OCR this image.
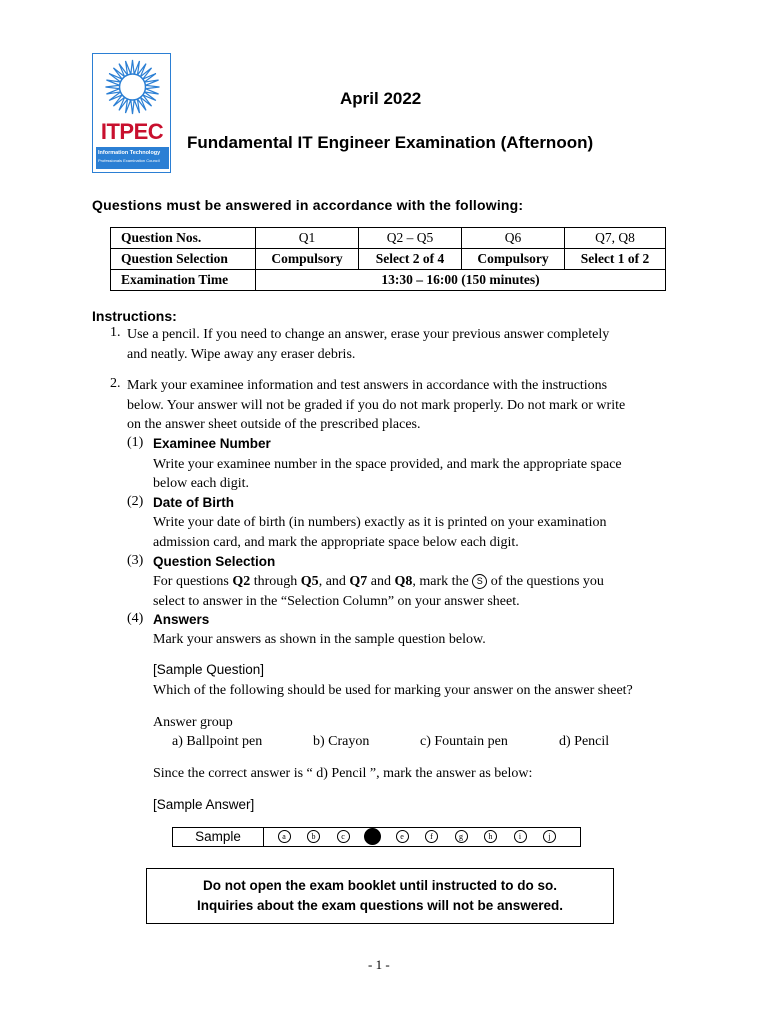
ITPEC
Information Technology
Professionals Examination Council
April 2022
Fundamental IT Engineer Examination (Afternoon)
Questions must be answered in accordance with the following:
Question Nos.	Q1	Q2 – Q5	Q6	Q7, Q8
Question Selection	Compulsory	Select 2 of 4	Compulsory	Select 1 of 2
Examination Time	13:30 – 16:00 (150 minutes)			
Instructions:
1. Use a pencil. If you need to change an answer, erase your previous answer completely
and neatly. Wipe away any eraser debris.
2. Mark your examinee information and test answers in accordance with the instructions
below. Your answer will not be graded if you do not mark properly. Do not mark or write
on the answer sheet outside of the prescribed places.
(1) Examinee Number
Write your examinee number in the space provided, and mark the appropriate space
below each digit.
(2) Date of Birth
Write your date of birth (in numbers) exactly as it is printed on your examination
admission card, and mark the appropriate space below each digit.
(3) Question Selection
For questions Q2 through Q5, and Q7 and Q8, mark the S of the questions you
select to answer in the “Selection Column” on your answer sheet.
(4) Answers
Mark your answers as shown in the sample question below.
[Sample Question]
Which of the following should be used for marking your answer on the answer sheet?
Answer group
a) Ballpoint pen	b) Crayon	c) Fountain pen	d) Pencil
Since the correct answer is “ d) Pencil ”, mark the answer as below:
[Sample Answer]
Sample	a	b	c	e	f	g	h	i	j
Do not open the exam booklet until instructed to do so.
Inquiries about the exam questions will not be answered.
- 1 -
